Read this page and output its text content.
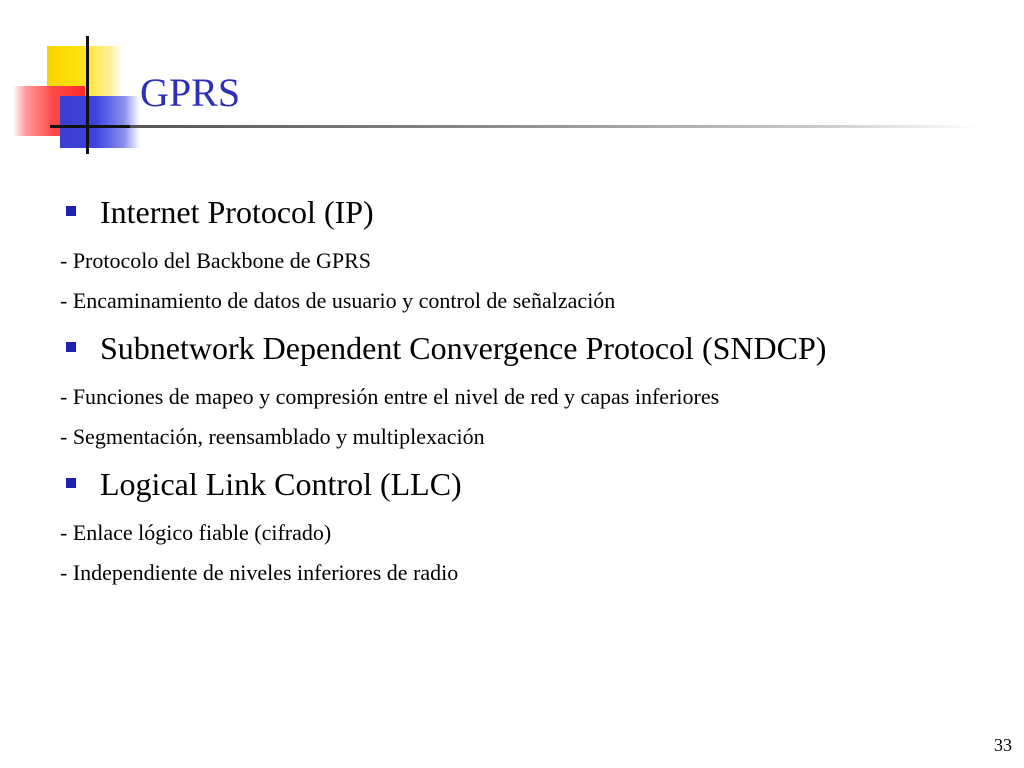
GPRS
Internet Protocol (IP)

- Protocolo del Backbone de GPRS

- Encaminamiento de datos de usuario y control de señalzación

Subnetwork Dependent Convergence Protocol (SNDCP)

- Funciones de mapeo y compresión entre el nivel de red y capas inferiores

- Segmentación, reensamblado y multiplexación

Logical Link Control (LLC)

- Enlace lógico fiable (cifrado)

- Independiente de niveles inferiores de radio

33
